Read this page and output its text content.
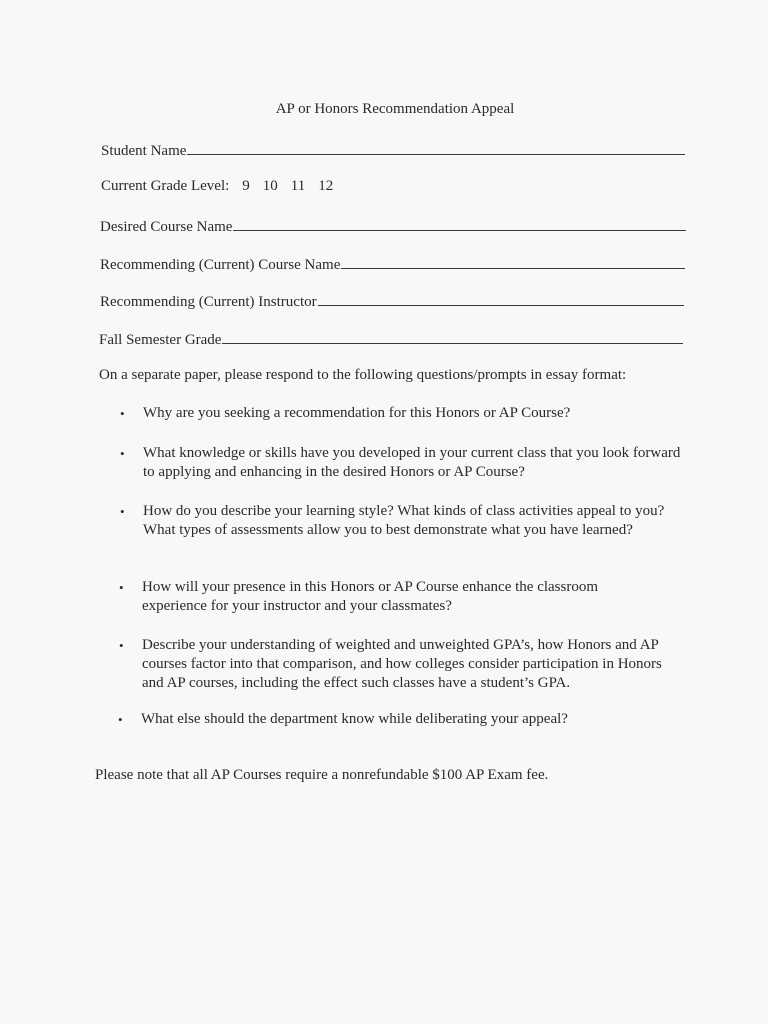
AP or Honors Recommendation Appeal
Student Name
Current Grade Level: 9 10 11 12
Desired Course Name
Recommending (Current) Course Name
Recommending (Current) Instructor
Fall Semester Grade
On a separate paper, please respond to the following questions/prompts in essay format:
• Why are you seeking a recommendation for this Honors or AP Course?
• What knowledge or skills have you developed in your current class that you look forward to applying and enhancing in the desired Honors or AP Course?
• How do you describe your learning style? What kinds of class activities appeal to you? What types of assessments allow you to best demonstrate what you have learned?
• How will your presence in this Honors or AP Course enhance the classroom experience for your instructor and your classmates?
• Describe your understanding of weighted and unweighted GPA’s, how Honors and AP courses factor into that comparison, and how colleges consider participation in Honors and AP courses, including the effect such classes have a student’s GPA.
• What else should the department know while deliberating your appeal?
Please note that all AP Courses require a nonrefundable $100 AP Exam fee.
